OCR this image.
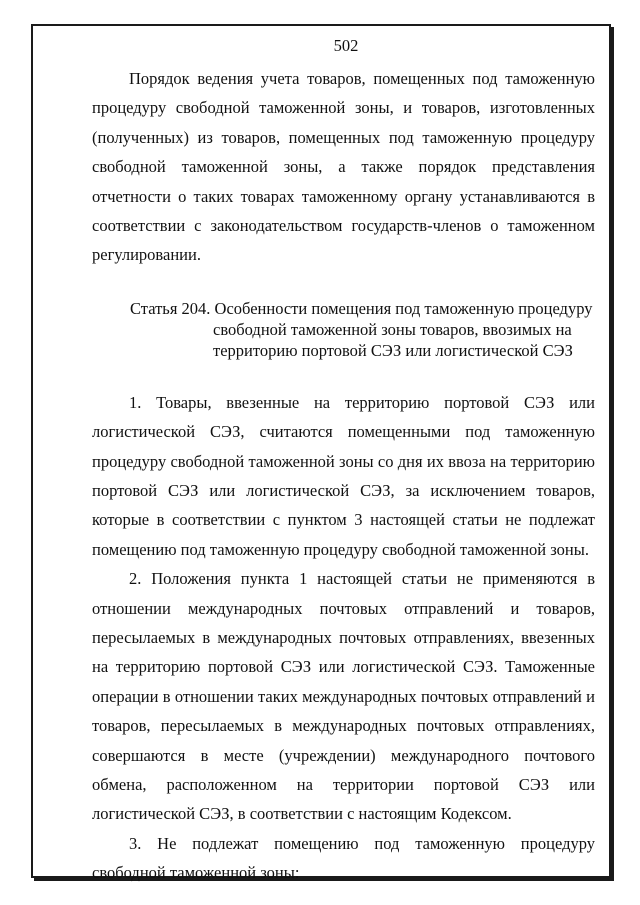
502

Порядок ведения учета товаров, помещенных под таможенную процедуру свободной таможенной зоны, и товаров, изготовленных (полученных) из товаров, помещенных под таможенную процедуру свободной таможенной зоны, а также порядок представления отчетности о таких товарах таможенному органу устанавливаются в соответствии с законодательством государств-членов о таможенном регулировании.

Статья 204. Особенности помещения под таможенную процедуру
свободной таможенной зоны товаров, ввозимых на
территорию портовой СЭЗ или логистической СЭЗ

1. Товары, ввезенные на территорию портовой СЭЗ или логистической СЭЗ, считаются помещенными под таможенную процедуру свободной таможенной зоны со дня их ввоза на территорию портовой СЭЗ или логистической СЭЗ, за исключением товаров, которые в соответствии с пунктом 3 настоящей статьи не подлежат помещению под таможенную процедуру свободной таможенной зоны.

2. Положения пункта 1 настоящей статьи не применяются в отношении международных почтовых отправлений и товаров, пересылаемых в международных почтовых отправлениях, ввезенных на территорию портовой СЭЗ или логистической СЭЗ. Таможенные операции в отношении таких международных почтовых отправлений и товаров, пересылаемых в международных почтовых отправлениях, совершаются в месте (учреждении) международного почтового обмена, расположенном на территории портовой СЭЗ или логистической СЭЗ, в соответствии с настоящим Кодексом.

3. Не подлежат помещению под таможенную процедуру свободной таможенной зоны:
